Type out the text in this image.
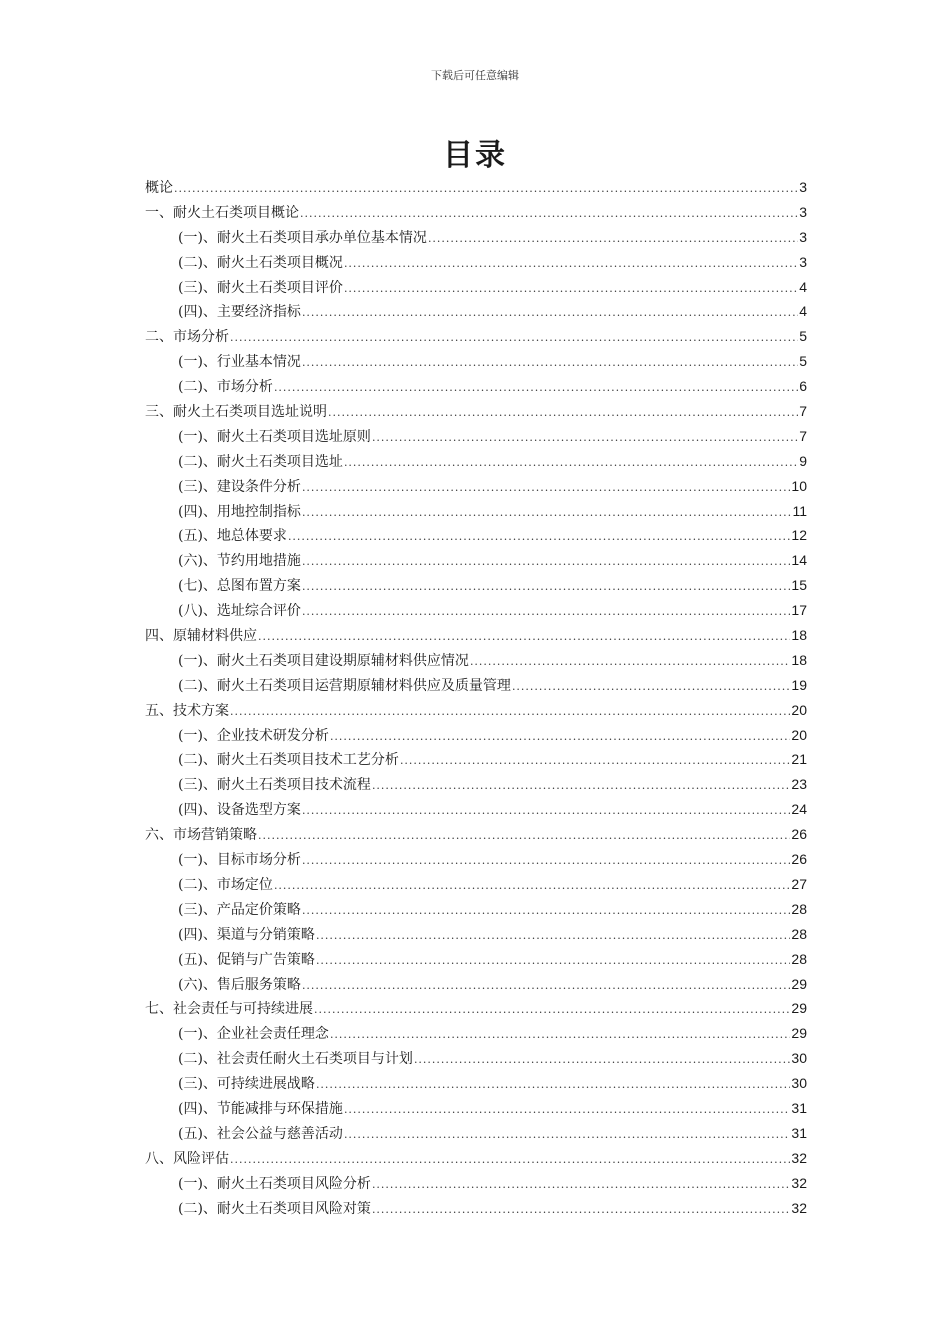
下载后可任意编辑
目录
概论 .....	3
一、耐火土石类项目概论 .....	3
(一)、耐火土石类项目承办单位基本情况 .....	3
(二)、耐火土石类项目概况 .....	3
(三)、耐火土石类项目评价 .....	4
(四)、主要经济指标 .....	4
二、市场分析 .....	5
(一)、行业基本情况 .....	5
(二)、市场分析 .....	6
三、耐火土石类项目选址说明 .....	7
(一)、耐火土石类项目选址原则 .....	7
(二)、耐火土石类项目选址 .....	9
(三)、建设条件分析 .....	10
(四)、用地控制指标 .....	11
(五)、地总体要求 .....	12
(六)、节约用地措施 .....	14
(七)、总图布置方案 .....	15
(八)、选址综合评价 .....	17
四、原辅材料供应 .....	18
(一)、耐火土石类项目建设期原辅材料供应情况 .....	18
(二)、耐火土石类项目运营期原辅材料供应及质量管理 .....	19
五、技术方案 .....	20
(一)、企业技术研发分析 .....	20
(二)、耐火土石类项目技术工艺分析 .....	21
(三)、耐火土石类项目技术流程 .....	23
(四)、设备选型方案 .....	24
六、市场营销策略 .....	26
(一)、目标市场分析 .....	26
(二)、市场定位 .....	27
(三)、产品定价策略 .....	28
(四)、渠道与分销策略 .....	28
(五)、促销与广告策略 .....	28
(六)、售后服务策略 .....	29
七、社会责任与可持续进展 .....	29
(一)、企业社会责任理念 .....	29
(二)、社会责任耐火土石类项目与计划 .....	30
(三)、可持续进展战略 .....	30
(四)、节能减排与环保措施 .....	31
(五)、社会公益与慈善活动 .....	31
八、风险评估 .....	32
(一)、耐火土石类项目风险分析 .....	32
(二)、耐火土石类项目风险对策 .....	32
